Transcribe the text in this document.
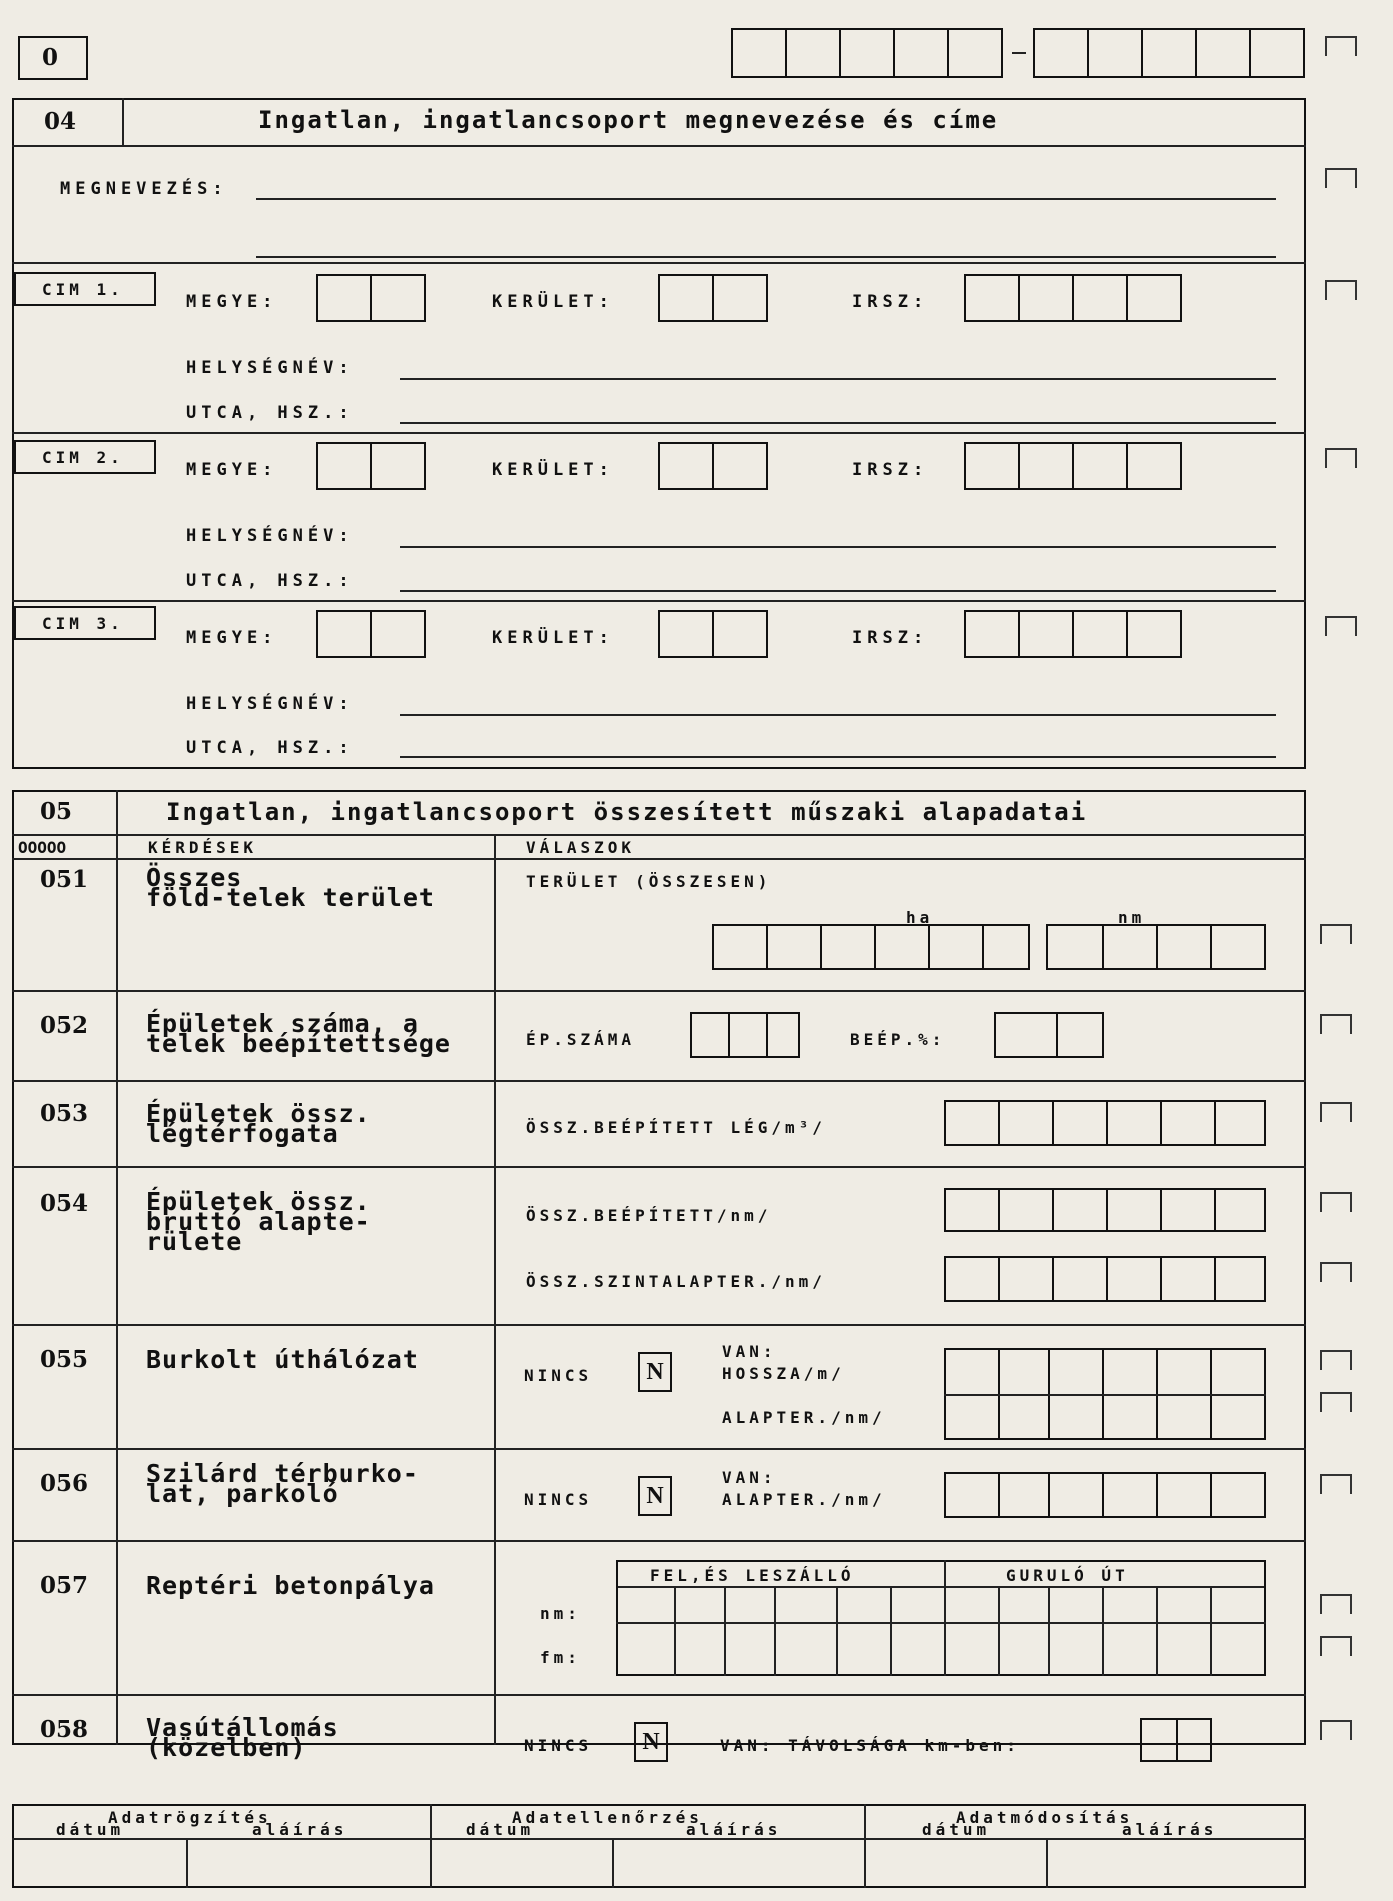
0
04	Ingatlan, ingatlancsoport megnevezése és címe
MEGNEVEZÉS:
CIM 1.
MEGYE:	KERÜLET:	IRSZ:
HELYSÉGNÉV:
UTCA, HSZ.:
CIM 2.
MEGYE:	KERÜLET:	IRSZ:
HELYSÉGNÉV:
UTCA, HSZ.:
CIM 3.
MEGYE:	KERÜLET:	IRSZ:
HELYSÉGNÉV:
UTCA, HSZ.:
05	Ingatlan, ingatlancsoport összesített műszaki alapadatai
OOOOO	KÉRDÉSEK	VÁLASZOK
051 Összes
föld-telek terület
TERÜLET (ÖSSZESEN)
ha	nm
052 Épületek száma, a
telek beépítettsége	ÉP.SZÁMA	BEÉP.%:
053 Épületek össz.
légtérfogata	ÖSSZ.BEÉPÍTETT LÉG/m³/
054 Épületek össz.
bruttó alapte-
rülete
ÖSSZ.BEÉPÍTETT/nm/
ÖSSZ.SZINTALAPTER./nm/
055 Burkolt úthálózat
NINCS	N
VAN:
HOSSZA/m/
ALAPTER./nm/
056 Szilárd térburko-
lat, parkoló	NINCS	N
VAN:
ALAPTER./nm/
057 Reptéri betonpálya	FEL,ÉS LESZÁLLÓ	GURULÓ ÚT
nm:
fm:
058 Vasútállomás
(közelben)	NINCS	N	VAN: TÁVOLSÁGA km-ben:
Adatrögzítés
dátum	aláírás
Adatellenőrzés
dátum	aláírás
Adatmódosítás
dátum	aláírás
